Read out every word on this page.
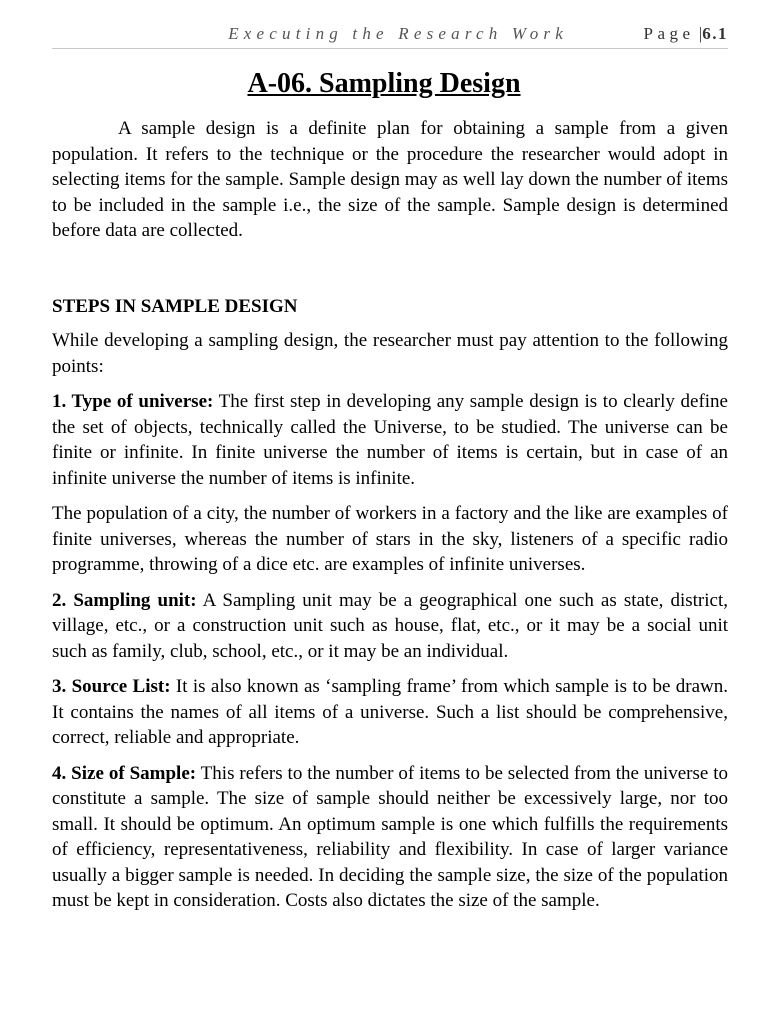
Executing the Research Work	Page |6.1
A-06. Sampling Design

A sample design is a definite plan for obtaining a sample from a given population. It refers to the technique or the procedure the researcher would adopt in selecting items for the sample. Sample design may as well lay down the number of items to be included in the sample i.e., the size of the sample. Sample design is determined before data are collected.

STEPS IN SAMPLE DESIGN

While developing a sampling design, the researcher must pay attention to the following points:

1. Type of universe: The first step in developing any sample design is to clearly define the set of objects, technically called the Universe, to be studied. The universe can be finite or infinite. In finite universe the number of items is certain, but in case of an infinite universe the number of items is infinite.

The population of a city, the number of workers in a factory and the like are examples of finite universes, whereas the number of stars in the sky, listeners of a specific radio programme, throwing of a dice etc. are examples of infinite universes.

2. Sampling unit: A Sampling unit may be a geographical one such as state, district, village, etc., or a construction unit such as house, flat, etc., or it may be a social unit such as family, club, school, etc., or it may be an individual.

3. Source List: It is also known as ‘sampling frame’ from which sample is to be drawn. It contains the names of all items of a universe. Such a list should be comprehensive, correct, reliable and appropriate.

4. Size of Sample: This refers to the number of items to be selected from the universe to constitute a sample. The size of sample should neither be excessively large, nor too small. It should be optimum. An optimum sample is one which fulfills the requirements of efficiency, representativeness, reliability and flexibility. In case of larger variance usually a bigger sample is needed. In deciding the sample size, the size of the population must be kept in consideration. Costs also dictates the size of the sample.
